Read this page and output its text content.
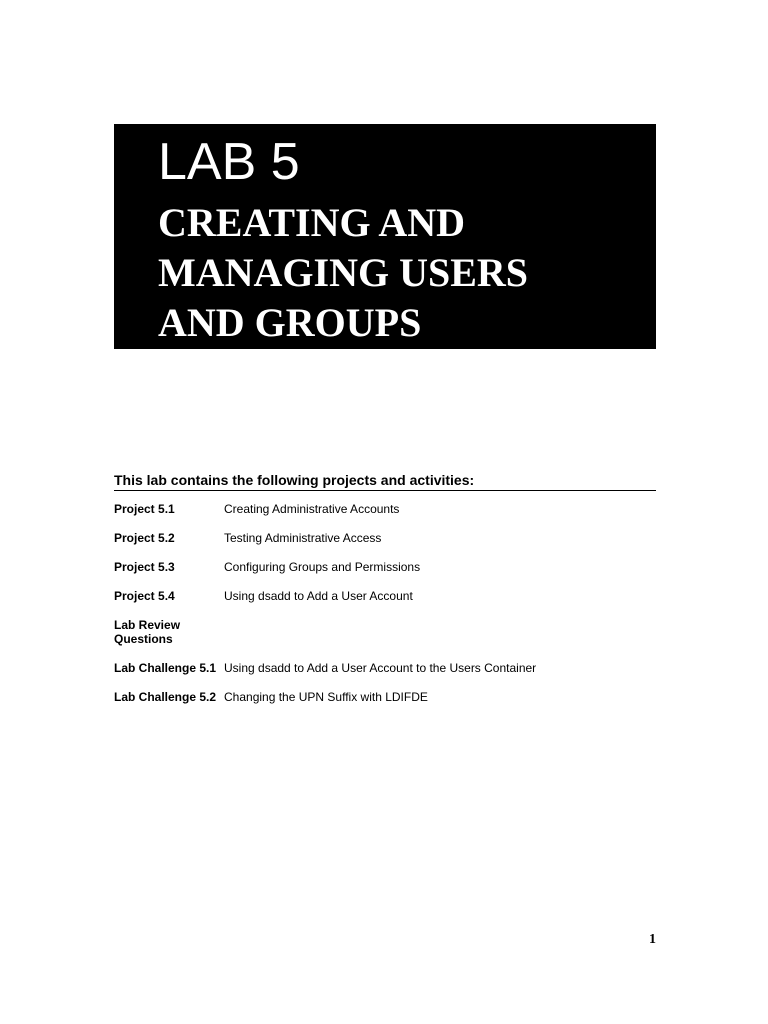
LAB 5
CREATING AND
MANAGING USERS
AND GROUPS
This lab contains the following projects and activities:
Project 5.1	Creating Administrative Accounts
Project 5.2	Testing Administrative Access
Project 5.3	Configuring Groups and Permissions
Project 5.4	Using dsadd to Add a User Account
Lab Review Questions	
Lab Challenge 5.1	Using dsadd to Add a User Account to the Users Container
Lab Challenge 5.2	Changing the UPN Suffix with LDIFDE
1
